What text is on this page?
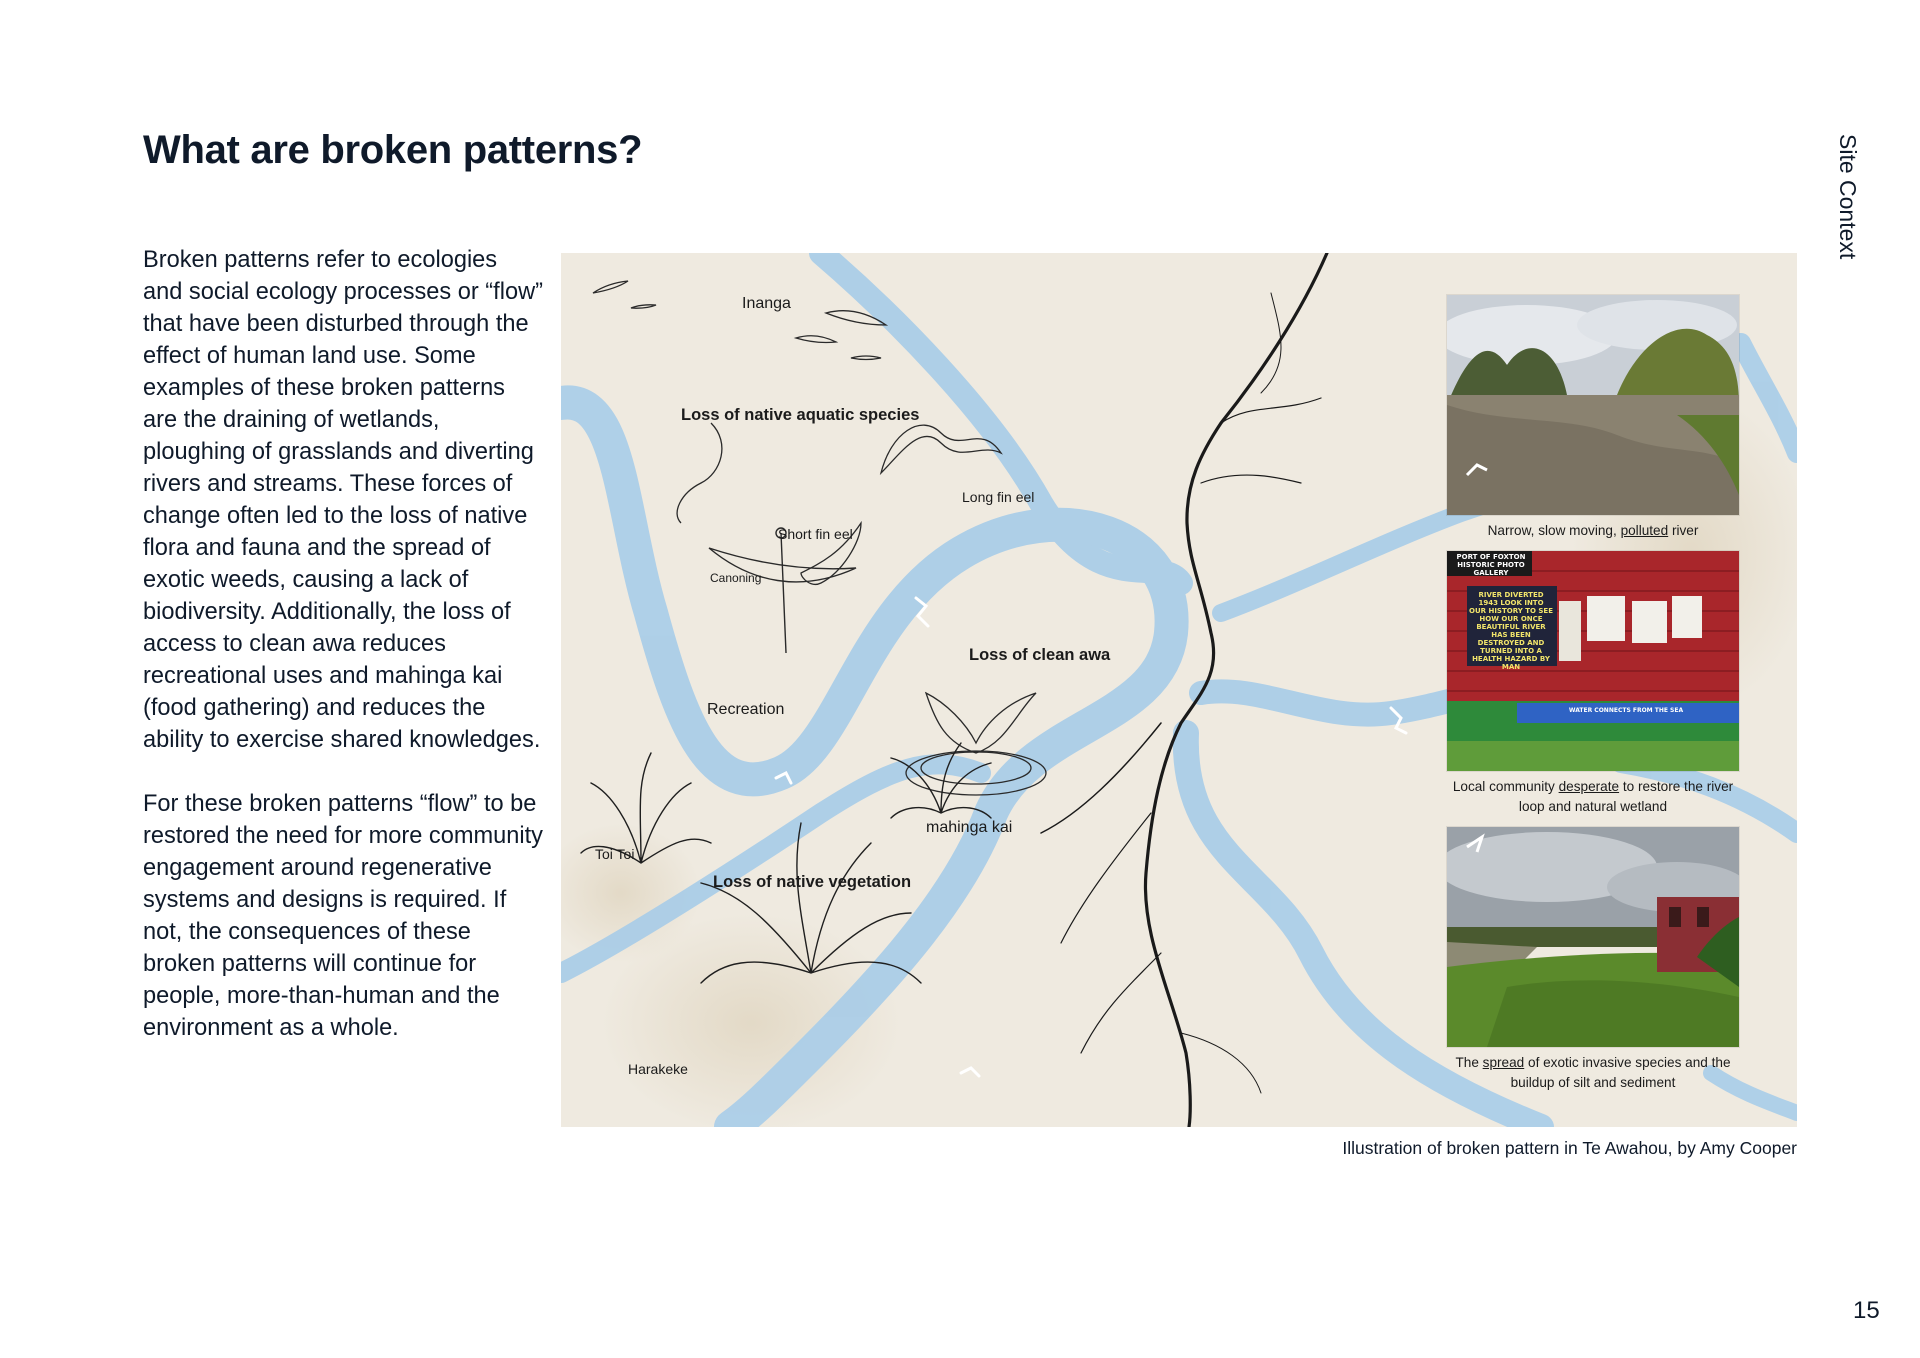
What are broken patterns?	Site Context

Broken patterns refer to ecologies and social ecology processes or “flow” that have been disturbed through the effect of human land use. Some examples of these broken patterns are the draining of wetlands, ploughing of grasslands and diverting rivers and streams. These forces of change often led to the loss of native flora and fauna and the spread of exotic weeds, causing a lack of biodiversity. Additionally, the loss of access to clean awa reduces recreational uses and mahinga kai (food gathering) and reduces the ability to exercise shared knowledges.

For these broken patterns “flow” to be restored the need for more community engagement around regenerative systems and designs is required. If not, the consequences of these broken patterns will continue for people, more-than-human and the environment as a whole.

Inanga
Loss of native aquatic species
Long fin eel
Short fin eel
Canoning
Recreation
Loss of clean awa
mahinga kai
Toi Toi
Loss of native vegetation
Harakeke
Narrow, slow moving, polluted river
PORT OF FOXTON HISTORIC PHOTO GALLERY
RIVER DIVERTED 1943 LOOK INTO OUR HISTORY TO SEE HOW OUR ONCE BEAUTIFUL RIVER HAS BEEN DESTROYED AND TURNED INTO A HEALTH HAZARD BY MAN
WATER CONNECTS FROM THE SEA
Local community desperate to restore the river loop and natural wetland
The spread of exotic invasive species and the buildup of silt and sediment
Illustration of broken pattern in Te Awahou, by Amy Cooper
15
